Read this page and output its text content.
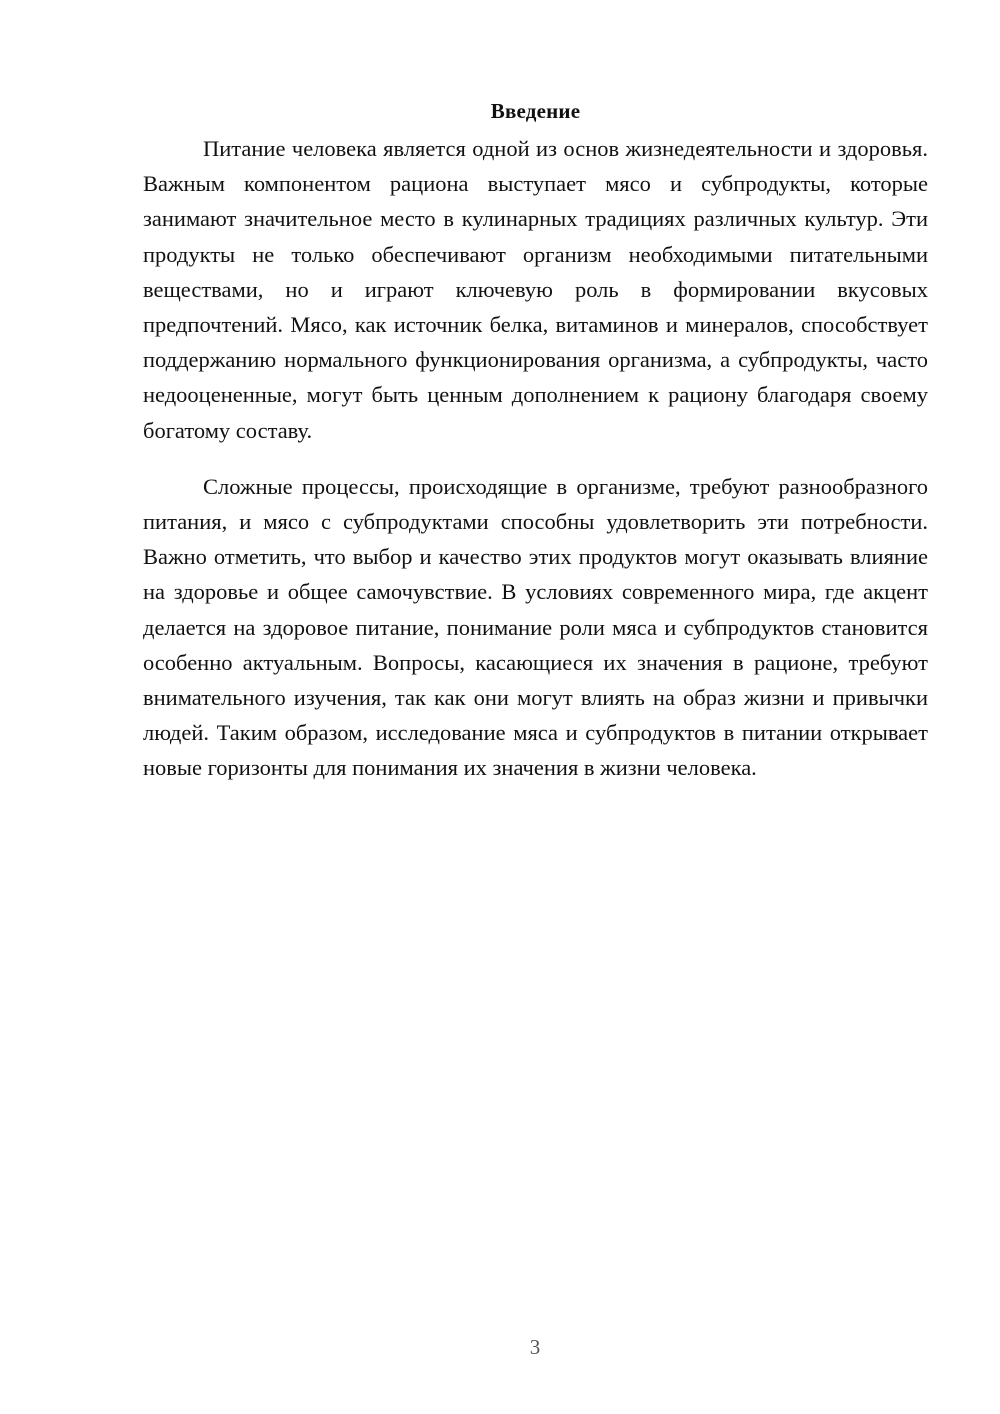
Введение

Питание человека является одной из основ жизнедеятельности и здоровья. Важным компонентом рациона выступает мясо и субпродукты, которые занимают значительное место в кулинарных традициях различных культур. Эти продукты не только обеспечивают организм необходимыми питательными веществами, но и играют ключевую роль в формировании вкусовых предпочтений. Мясо, как источник белка, витаминов и минералов, способствует поддержанию нормального функционирования организма, а субпродукты, часто недооцененные, могут быть ценным дополнением к рациону благодаря своему богатому составу.

Сложные процессы, происходящие в организме, требуют разнообразного питания, и мясо с субпродуктами способны удовлетворить эти потребности. Важно отметить, что выбор и качество этих продуктов могут оказывать влияние на здоровье и общее самочувствие. В условиях современного мира, где акцент делается на здоровое питание, понимание роли мяса и субпродуктов становится особенно актуальным. Вопросы, касающиеся их значения в рационе, требуют внимательного изучения, так как они могут влиять на образ жизни и привычки людей. Таким образом, исследование мяса и субпродуктов в питании открывает новые горизонты для понимания их значения в жизни человека.

3
